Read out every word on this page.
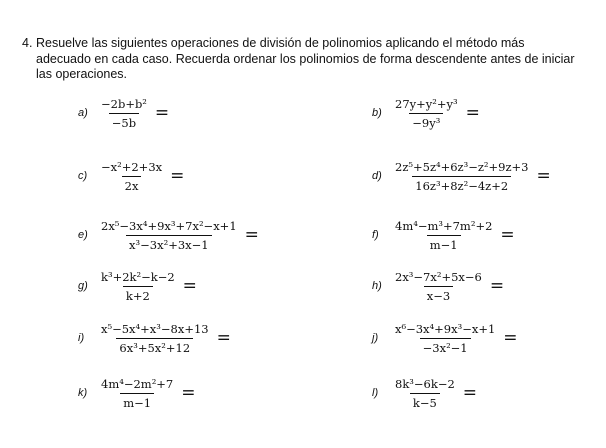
4. Resuelve las siguientes operaciones de división de polinomios aplicando el método más adecuado en cada caso. Recuerda ordenar los polinomios de forma descendente antes de iniciar las operaciones.
$a) \frac{\text{−2b+b²}}{-5b}$ =	$b) \frac{\text{27y+y²+y³}}{\text{−9y³}}$ =
$c) \frac{\text{−x²+2+3x}}{2x}$ =	$d) \frac{\text{2z⁵+5z⁴+6z³−z²+9z+3}}{\text{16z³+8z²−4z+2}}$ =
$e) \frac{\text{2x⁵−3x⁴+9x³+7x²−x+1}}{\text{x³−3x²+3x−1}}$ =	f)	$\frac{\text{4m⁴−m³+7m²+2}}{m-1}$ =
$g) \frac{\text{k³+2k²−k−2}}{k+2}$ =	$h) \frac{\text{2x³−7x²+5x−6}}{x-3}$ =
i)	$\frac{\text{x⁵−5x⁴+x³−8x+13}}{\text{6x³+5x²+12}}$ =	j)	$\frac{\text{x⁶−3x⁴+9x³−x+1}}{\text{−3x²−1}}$ =
$k) \frac{\text{4m⁴−2m²+7}}{m-1}$ =	l)	$\frac{\text{8k³−6k−2}}{k-5}$ =
